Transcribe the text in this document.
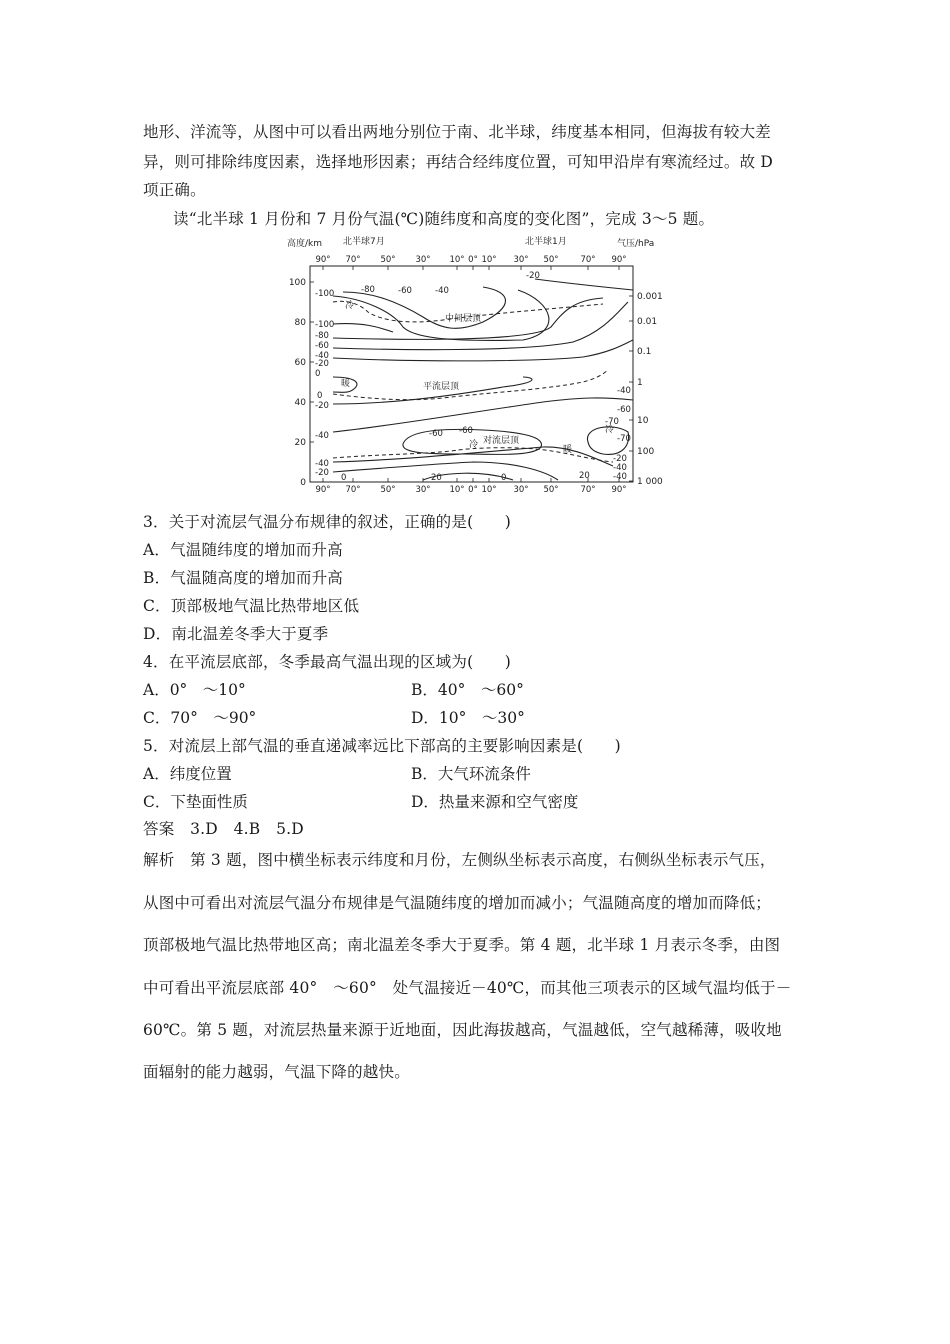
地形、洋流等，从图中可以看出两地分别位于南、北半球，纬度基本相同，但海拔有较大差
异，则可排除纬度因素，选择地形因素；再结合经纬度位置，可知甲沿岸有寒流经过。故 D
项正确。
读“北半球 1 月份和 7 月份气温(℃)随纬度和高度的变化图”，完成 3～5 题。
高度/km 北半球7月	北半球1月	气压/hPa
90° 70° 50° 30° 10° 0° 10° 30° 50°	70° 90°
100
80
60
40
20
0
0.001
0.01
0.1
1
10
100
1 000
90° 70° 50° 30° 10° 0° 10° 30° 50°	70° 90°
中间层顶
平流层顶
对流层顶
冷
暖
冷
冷
暖
-20
-80	-60	-40
-100
-100
-80
-60
-40
-20
0
0
-20
-40	-60
-40
-60
-70
-70
-40
-20 0	20	0	20
-20
-40
-60
-40
3．关于对流层气温分布规律的叙述，正确的是(　　)
A．气温随纬度的增加而升高
B．气温随高度的增加而升高
C．顶部极地气温比热带地区低
D．南北温差冬季大于夏季
4．在平流层底部，冬季最高气温出现的区域为(　　)
A．0°　～10°	B．40°　～60°
C．70°　～90°	D．10°　～30°
5．对流层上部气温的垂直递减率远比下部高的主要影响因素是(　　)
A．纬度位置	B．大气环流条件
C．下垫面性质	D．热量来源和空气密度
答案　3.D　4.B　5.D
解析　第 3 题，图中横坐标表示纬度和月份，左侧纵坐标表示高度，右侧纵坐标表示气压，
从图中可看出对流层气温分布规律是气温随纬度的增加而减小；气温随高度的增加而降低；
顶部极地气温比热带地区高；南北温差冬季大于夏季。第 4 题，北半球 1 月表示冬季，由图
中可看出平流层底部 40°　～60°　处气温接近－40℃，而其他三项表示的区域气温均低于－
60℃。第 5 题，对流层热量来源于近地面，因此海拔越高，气温越低，空气越稀薄，吸收地
面辐射的能力越弱，气温下降的越快。
